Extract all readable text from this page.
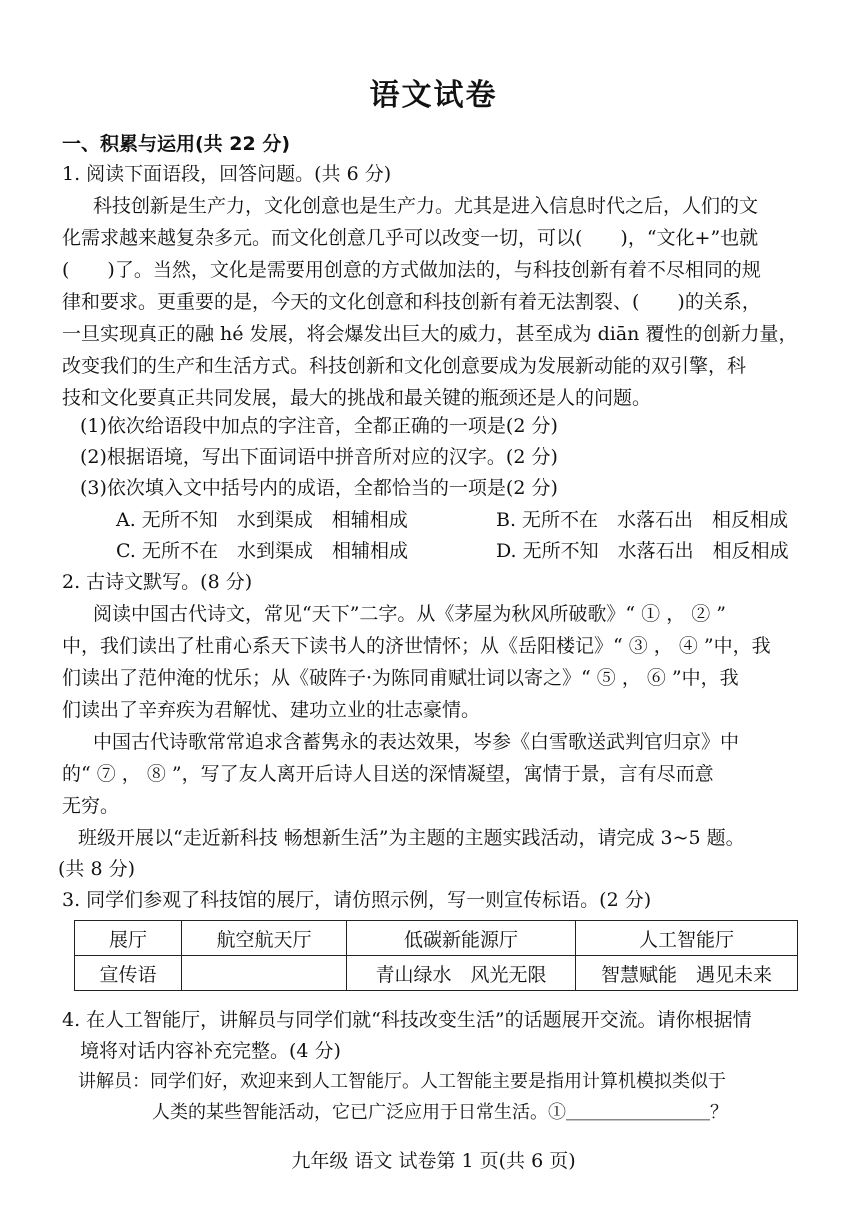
语文试卷
一、积累与运用(共 22 分)
1. 阅读下面语段，回答问题。(共 6 分)
科技创新是生产力，文化创意也是生产力。尤其是进入信息时代之后，人们的文
化需求越来越复杂多元。而文化创意几乎可以改变一切，可以(　　)，“文化+”也就
(　　)了。当然，文化是需要用创意的方式做加法的，与科技创新有着不尽相同的规
律和要求。更重要的是，今天的文化创意和科技创新有着无法割裂、(　　)的关系，
一旦实现真正的融 hé 发展，将会爆发出巨大的威力，甚至成为 diān 覆性的创新力量，
改变我们的生产和生活方式。科技创新和文化创意要成为发展新动能的双引擎，科
技和文化要真正共同发展，最大的挑战和最关键的瓶颈还是人的问题。
(1)依次给语段中加点的字注音，全都正确的一项是(2 分)
(2)根据语境，写出下面词语中拼音所对应的汉字。(2 分)
(3)依次填入文中括号内的成语，全都恰当的一项是(2 分)
A. 无所不知　水到渠成　相辅相成	B. 无所不在　水落石出　相反相成
C. 无所不在　水到渠成　相辅相成	D. 无所不知　水落石出　相反相成
2. 古诗文默写。(8 分)
阅读中国古代诗文，常见“天下”二字。从《茅屋为秋风所破歌》“ ① ， ② ”
中，我们读出了杜甫心系天下读书人的济世情怀；从《岳阳楼记》“ ③ ， ④ ”中，我
们读出了范仲淹的忧乐；从《破阵子·为陈同甫赋壮词以寄之》“ ⑤ ， ⑥ ”中，我
们读出了辛弃疾为君解忧、建功立业的壮志豪情。
中国古代诗歌常常追求含蓄隽永的表达效果，岑参《白雪歌送武判官归京》中
的“ ⑦ ， ⑧ ”，写了友人离开后诗人目送的深情凝望，寓情于景，言有尽而意
无穷。
班级开展以“走近新科技 畅想新生活”为主题的主题实践活动，请完成 3~5 题。
(共 8 分)
3. 同学们参观了科技馆的展厅，请仿照示例，写一则宣传标语。(2 分)
展厅	航空航天厅	低碳新能源厅	人工智能厅
宣传语		青山绿水　风光无限	智慧赋能　遇见未来
4. 在人工智能厅，讲解员与同学们就“科技改变生活”的话题展开交流。请你根据情
境将对话内容补充完整。(4 分)
讲解员：同学们好，欢迎来到人工智能厅。人工智能主要是指用计算机模拟类似于
人类的某些智能活动，它已广泛应用于日常生活。①＿＿＿＿＿＿＿＿？
九年级 语文 试卷第 1 页(共 6 页)
